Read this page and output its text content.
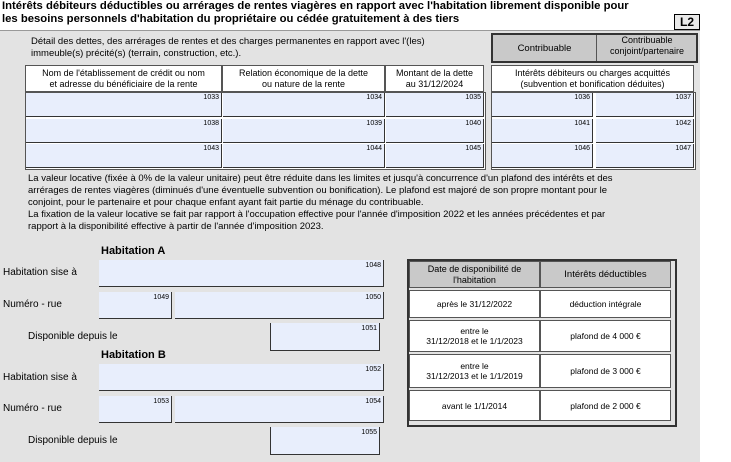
Intérêts débiteurs déductibles ou arrérages de rentes viagères en rapport avec l'habitation librement disponible pour
les besoins personnels d'habitation du propriétaire ou cédée gratuitement à des tiers	L2
Détail des dettes, des arrérages de rentes et des charges permanentes en rapport avec l'(les)
immeuble(s) précité(s) (terrain, construction, etc.).	Contribuable
Contribuable
conjoint/partenaire
Nom de l'établissement de crédit ou nom
et adresse du bénéficiaire de la rente
Relation économique de la dette
ou nature de la rente
Montant de la dette
au 31/12/2024
Intérêts débiteurs ou charges acquittés
(subvention et bonification déduites)
1033	1034	1035	1036	1037
1038	1039	1040	1041	1042
1043	1044	1045	1046	1047
La valeur locative (fixée à 0% de la valeur unitaire) peut être réduite dans les limites et jusqu'à concurrence d'un plafond des intérêts et des
arrérages de rentes viagères (diminués d'une éventuelle subvention ou bonification). Le plafond est majoré de son propre montant pour le
conjoint, pour le partenaire et pour chaque enfant ayant fait partie du ménage du contribuable.
La fixation de la valeur locative se fait par rapport à l'occupation effective pour l'année d'imposition 2022 et les années précédentes et par
rapport à la disponibilité effective à partir de l'année d'imposition 2023.
Habitation A
Habitation sise à
1048
Numéro - rue
1049	1050
Disponible depuis le
1051
Habitation B
Habitation sise à
1052
Numéro - rue
1053	1054
Disponible depuis le
1055
Date de disponibilité de
l'habitation	Intérêts déductibles
après le 31/12/2022	déduction intégrale
entre le
31/12/2018 et le 1/1/2023	plafond de 4 000 €
entre le
31/12/2013 et le 1/1/2019	plafond de 3 000 €
avant le 1/1/2014	plafond de 2 000 €
